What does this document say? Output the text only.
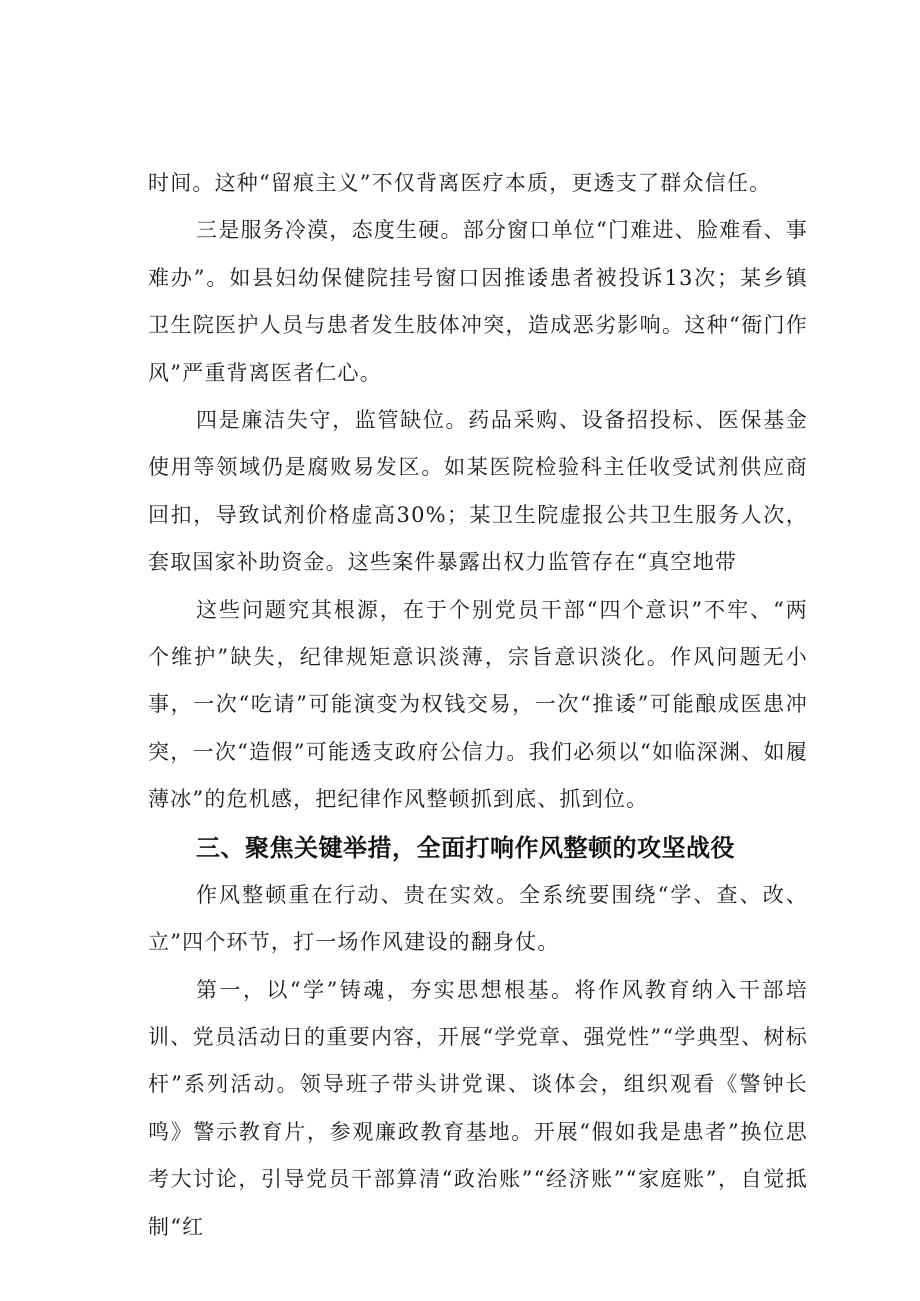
时间。这种“留痕主义”不仅背离医疗本质，更透支了群众信任。

三是服务冷漠，态度生硬。部分窗口单位“门难进、脸难看、事难办”。如县妇幼保健院挂号窗口因推诿患者被投诉13次；某乡镇卫生院医护人员与患者发生肢体冲突，造成恶劣影响。这种“衙门作风”严重背离医者仁心。

四是廉洁失守，监管缺位。药品采购、设备招投标、医保基金使用等领域仍是腐败易发区。如某医院检验科主任收受试剂供应商回扣，导致试剂价格虚高30%；某卫生院虚报公共卫生服务人次，套取国家补助资金。这些案件暴露出权力监管存在“真空地带

这些问题究其根源，在于个别党员干部“四个意识”不牢、“两个维护”缺失，纪律规矩意识淡薄，宗旨意识淡化。作风问题无小事，一次“吃请”可能演变为权钱交易，一次“推诿”可能酿成医患冲突，一次“造假”可能透支政府公信力。我们必须以“如临深渊、如履薄冰”的危机感，把纪律作风整顿抓到底、抓到位。

三、聚焦关键举措，全面打响作风整顿的攻坚战役

作风整顿重在行动、贵在实效。全系统要围绕“学、查、改、立”四个环节，打一场作风建设的翻身仗。

第一，以“学”铸魂，夯实思想根基。将作风教育纳入干部培训、党员活动日的重要内容，开展“学党章、强党性”“学典型、树标杆”系列活动。领导班子带头讲党课、谈体会，组织观看《警钟长鸣》警示教育片，参观廉政教育基地。开展“假如我是患者”换位思考大讨论，引导党员干部算清“政治账”“经济账”“家庭账”，自觉抵制“红
